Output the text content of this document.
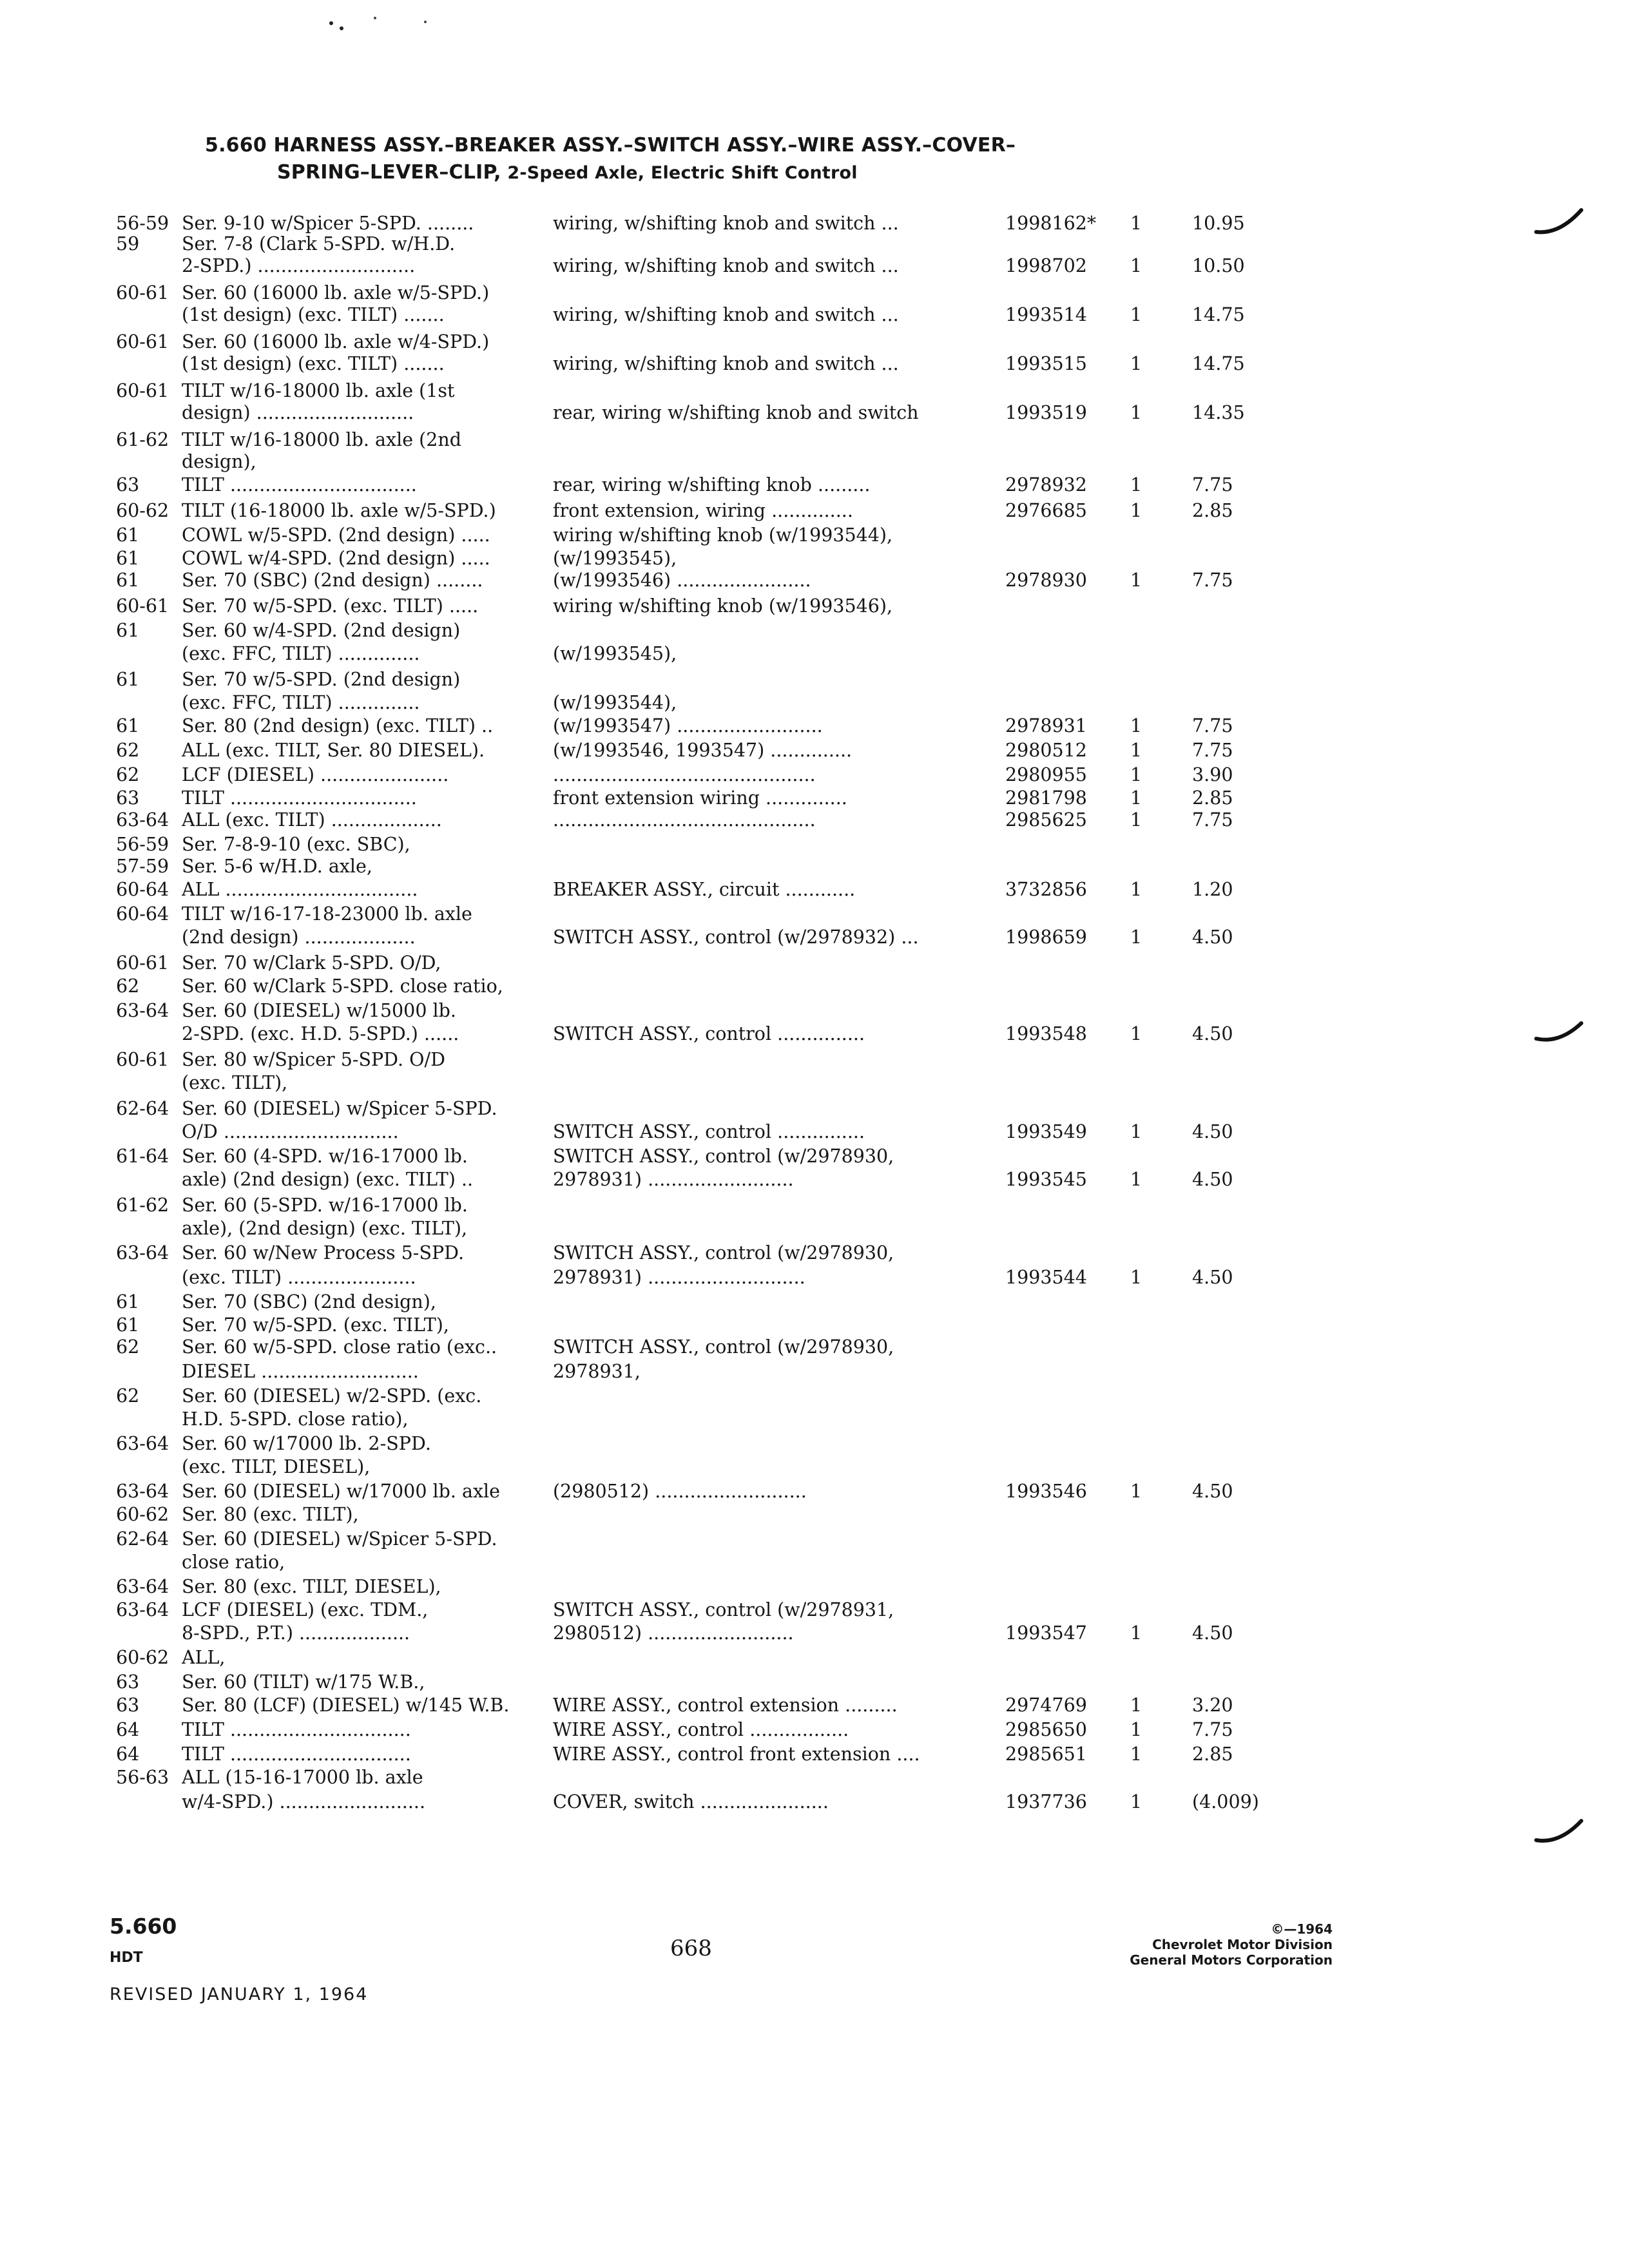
5.660 HARNESS ASSY.–BREAKER ASSY.–SWITCH ASSY.–WIRE ASSY.–COVER–
SPRING–LEVER–CLIP, 2-Speed Axle, Electric Shift Control
56-59 Ser. 9-10 w/Spicer 5-SPD. ........	wiring, w/shifting knob and switch ...	1998162* 1	10.95
59 Ser. 7-8 (Clark 5-SPD. w/H.D.
2-SPD.) ...........................	wiring, w/shifting knob and switch ...	1998702 1	10.50
60-61 Ser. 60 (16000 lb. axle w/5-SPD.)
(1st design) (exc. TILT) .......	wiring, w/shifting knob and switch ...	1993514 1	14.75
60-61 Ser. 60 (16000 lb. axle w/4-SPD.)
(1st design) (exc. TILT) .......	wiring, w/shifting knob and switch ...	1993515 1	14.75
60-61 TILT w/16-18000 lb. axle (1st
design) ...........................	rear, wiring w/shifting knob and switch	1993519 1	14.35
61-62 TILT w/16-18000 lb. axle (2nd
design),
63 TILT ................................	rear, wiring w/shifting knob .........	2978932 1	7.75
60-62 TILT (16-18000 lb. axle w/5-SPD.)	front extension, wiring ..............	2976685 1	2.85
61 COWL w/5-SPD. (2nd design) .....	wiring w/shifting knob (w/1993544),
61 COWL w/4-SPD. (2nd design) .....	(w/1993545),
61 Ser. 70 (SBC) (2nd design) ........	(w/1993546) .......................	2978930 1	7.75
60-61 Ser. 70 w/5-SPD. (exc. TILT) .....	wiring w/shifting knob (w/1993546),
61 Ser. 60 w/4-SPD. (2nd design)
(exc. FFC, TILT) ..............	(w/1993545),
61 Ser. 70 w/5-SPD. (2nd design)
(exc. FFC, TILT) ..............	(w/1993544),
61 Ser. 80 (2nd design) (exc. TILT) ..	(w/1993547) .........................	2978931 1	7.75
62 ALL (exc. TILT, Ser. 80 DIESEL).	(w/1993546, 1993547) ..............	2980512 1	7.75
62 LCF (DIESEL) ......................	.............................................	2980955 1	3.90
63 TILT ................................	front extension wiring ..............	2981798 1	2.85
63-64 ALL (exc. TILT) ...................	.............................................	2985625 1	7.75
56-59 Ser. 7-8-9-10 (exc. SBC),
57-59 Ser. 5-6 w/H.D. axle,
60-64 ALL .................................	BREAKER ASSY., circuit ............	3732856 1	1.20
60-64 TILT w/16-17-18-23000 lb. axle
(2nd design) ...................	SWITCH ASSY., control (w/2978932) ...	1998659 1	4.50
60-61 Ser. 70 w/Clark 5-SPD. O/D,
62 Ser. 60 w/Clark 5-SPD. close ratio,
63-64 Ser. 60 (DIESEL) w/15000 lb.
2-SPD. (exc. H.D. 5-SPD.) ......	SWITCH ASSY., control ...............	1993548 1	4.50
60-61 Ser. 80 w/Spicer 5-SPD. O/D
(exc. TILT),
62-64 Ser. 60 (DIESEL) w/Spicer 5-SPD.
O/D ..............................	SWITCH ASSY., control ...............	1993549 1	4.50
61-64 Ser. 60 (4-SPD. w/16-17000 lb.	SWITCH ASSY., control (w/2978930,
axle) (2nd design) (exc. TILT) ..	2978931) .........................	1993545 1	4.50
61-62 Ser. 60 (5-SPD. w/16-17000 lb.
axle), (2nd design) (exc. TILT),
63-64 Ser. 60 w/New Process 5-SPD.	SWITCH ASSY., control (w/2978930,
(exc. TILT) ......................	2978931) ...........................	1993544 1	4.50
61 Ser. 70 (SBC) (2nd design),
61 Ser. 70 w/5-SPD. (exc. TILT),
62 Ser. 60 w/5-SPD. close ratio (exc..	SWITCH ASSY., control (w/2978930,
DIESEL ...........................	2978931,
62 Ser. 60 (DIESEL) w/2-SPD. (exc.
H.D. 5-SPD. close ratio),
63-64 Ser. 60 w/17000 lb. 2-SPD.
(exc. TILT, DIESEL),
63-64 Ser. 60 (DIESEL) w/17000 lb. axle	(2980512) ..........................	1993546 1	4.50
60-62 Ser. 80 (exc. TILT),
62-64 Ser. 60 (DIESEL) w/Spicer 5-SPD.
close ratio,
63-64 Ser. 80 (exc. TILT, DIESEL),
63-64 LCF (DIESEL) (exc. TDM.,	SWITCH ASSY., control (w/2978931,
8-SPD., P.T.) ...................	2980512) .........................	1993547 1	4.50
60-62 ALL,
63 Ser. 60 (TILT) w/175 W.B.,
63 Ser. 80 (LCF) (DIESEL) w/145 W.B.	WIRE ASSY., control extension .........	2974769 1	3.20
64 TILT ...............................	WIRE ASSY., control .................	2985650 1	7.75
64 TILT ...............................	WIRE ASSY., control front extension ....	2985651 1	2.85
56-63 ALL (15-16-17000 lb. axle
w/4-SPD.) .........................	COVER, switch ......................	1937736 1	(4.009)
5.660
HDT
REVISED JANUARY 1, 1964
668
©—1964
Chevrolet Motor Division
General Motors Corporation
